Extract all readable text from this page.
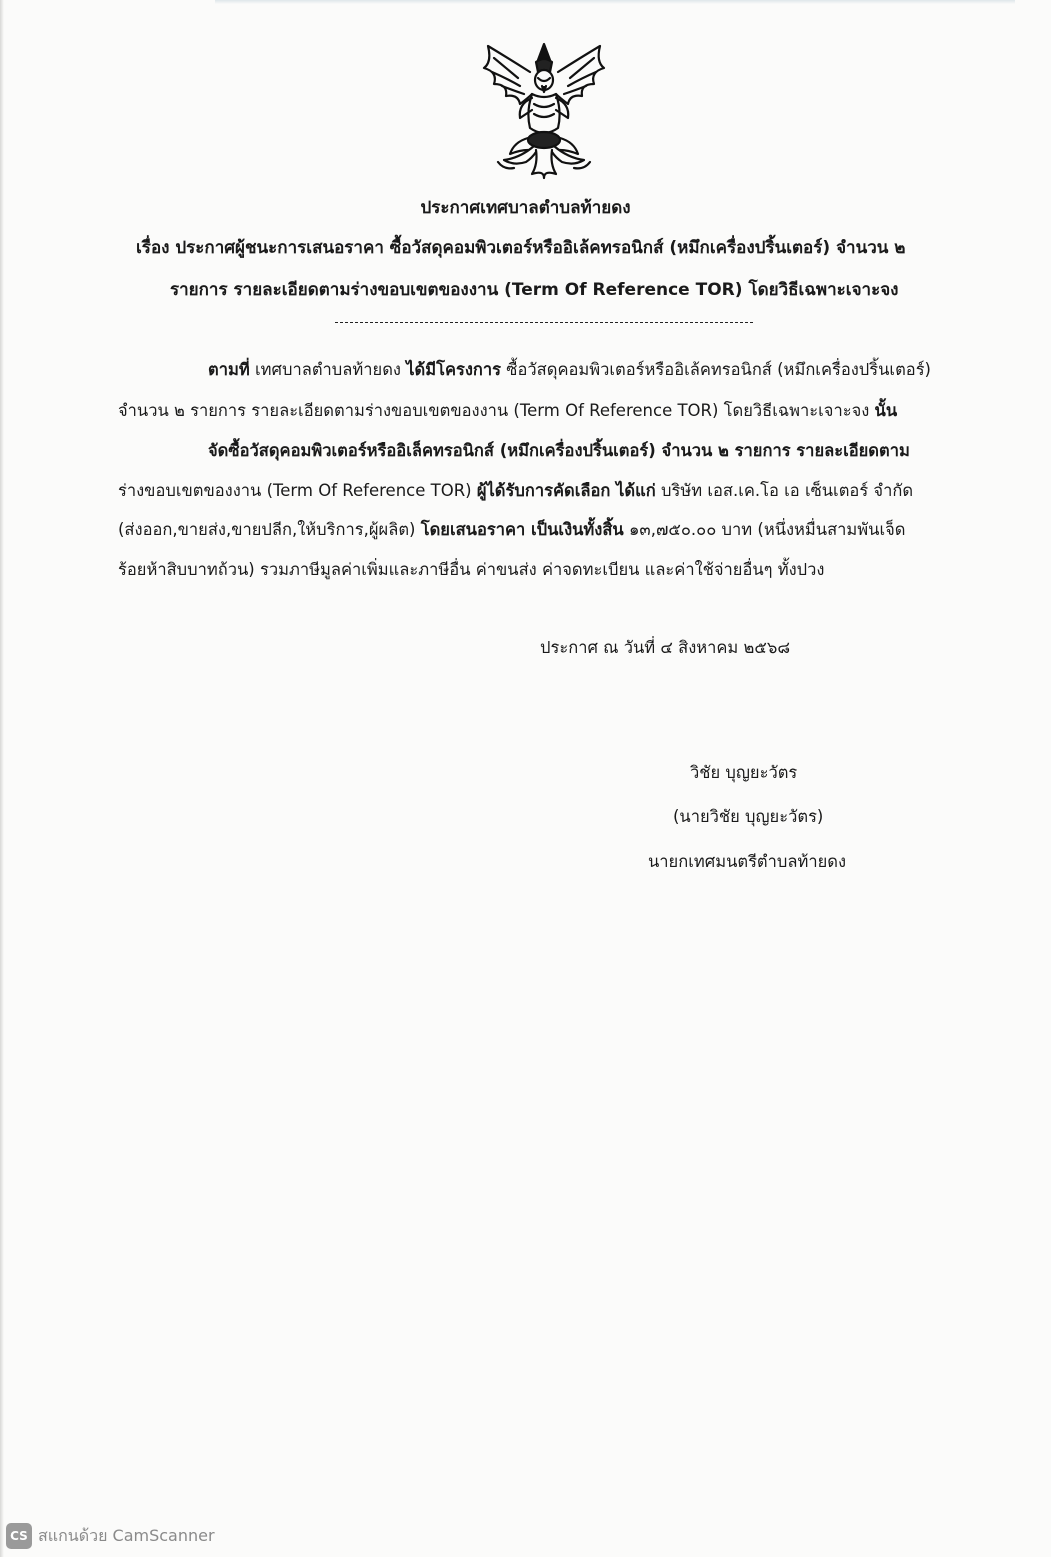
ประกาศเทศบาลตำบลท้ายดง

เรื่อง ประกาศผู้ชนะการเสนอราคา ซื้อวัสดุคอมพิวเตอร์หรืออิเล้คทรอนิกส์ (หมึกเครื่องปริ้นเตอร์) จำนวน ๒
รายการ รายละเอียดตามร่างขอบเขตของงาน (Term Of Reference TOR) โดยวิธีเฉพาะเจาะจง
ตามที่ เทศบาลตำบลท้ายดง ได้มีโครงการ ซื้อวัสดุคอมพิวเตอร์หรืออิเล้คทรอนิกส์ (หมึกเครื่องปริ้นเตอร์)
จำนวน ๒ รายการ รายละเอียดตามร่างขอบเขตของงาน (Term Of Reference TOR) โดยวิธีเฉพาะเจาะจง นั้น
จัดซื้อวัสดุคอมพิวเตอร์หรืออิเล็คทรอนิกส์ (หมึกเครื่องปริ้นเตอร์) จำนวน ๒ รายการ รายละเอียดตาม
ร่างขอบเขตของงาน (Term Of Reference TOR) ผู้ได้รับการคัดเลือก ได้แก่ บริษัท เอส.เค.โอ เอ เซ็นเตอร์ จำกัด
(ส่งออก,ขายส่ง,ขายปลีก,ให้บริการ,ผู้ผลิต) โดยเสนอราคา เป็นเงินทั้งสิ้น ๑๓,๗๕๐.๐๐ บาท (หนึ่งหมื่นสามพันเจ็ด
ร้อยห้าสิบบาทถ้วน) รวมภาษีมูลค่าเพิ่มและภาษีอื่น ค่าขนส่ง ค่าจดทะเบียน และค่าใช้จ่ายอื่นๆ ทั้งปวง
ประกาศ ณ วันที่ ๔ สิงหาคม ๒๕๖๘
วิชัย บุญยะวัตร
(นายวิชัย บุญยะวัตร)
นายกเทศมนตรีตำบลท้ายดง
CS สแกนด้วย CamScanner
